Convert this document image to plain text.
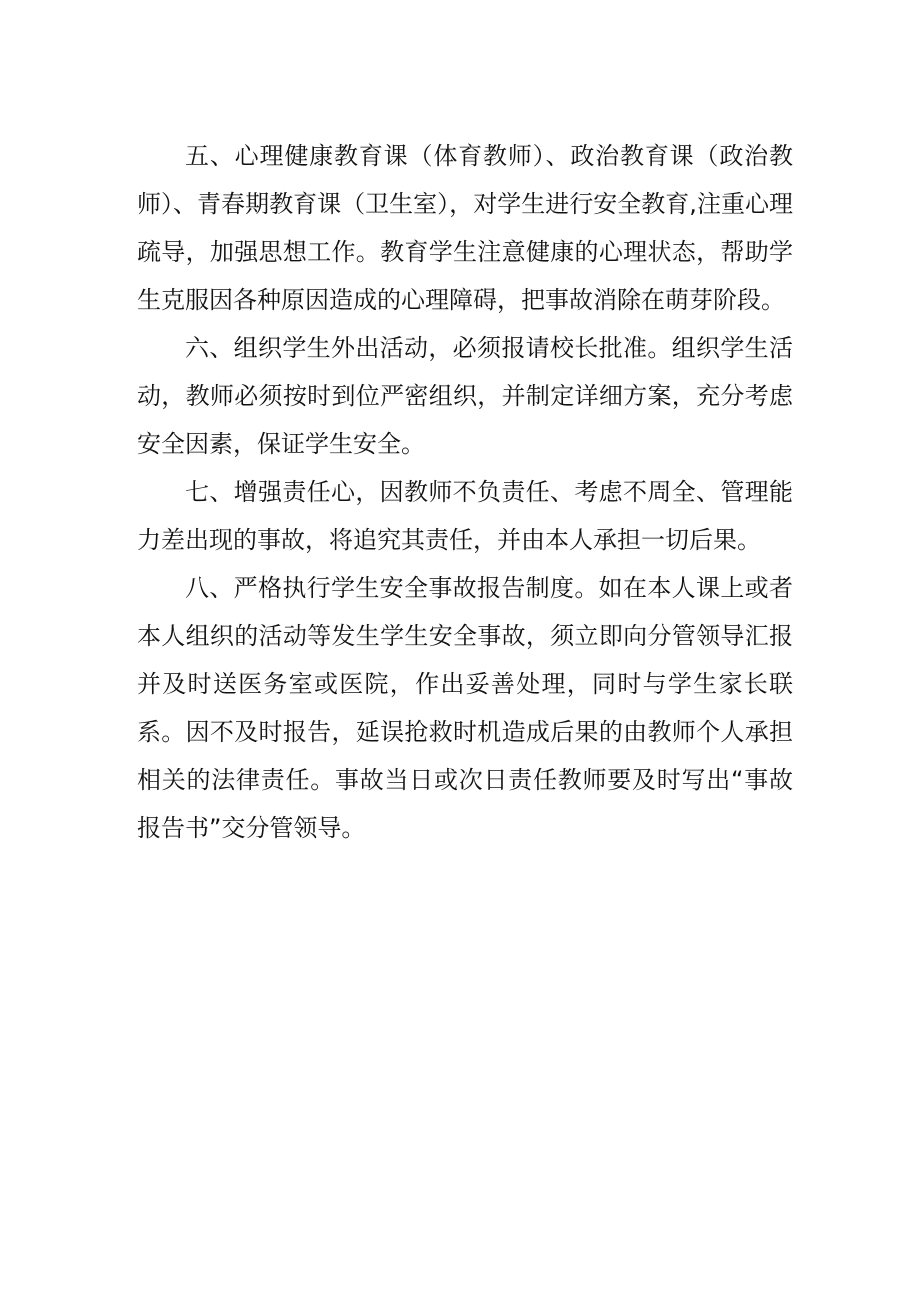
五、心理健康教育课（体育教师）、政治教育课（政治教师）、青春期教育课（卫生室），对学生进行安全教育,注重心理疏导，加强思想工作。教育学生注意健康的心理状态，帮助学生克服因各种原因造成的心理障碍，把事故消除在萌芽阶段。

六、组织学生外出活动，必须报请校长批准。组织学生活动，教师必须按时到位严密组织，并制定详细方案，充分考虑安全因素，保证学生安全。

七、增强责任心，因教师不负责任、考虑不周全、管理能力差出现的事故，将追究其责任，并由本人承担一切后果。

八、严格执行学生安全事故报告制度。如在本人课上或者本人组织的活动等发生学生安全事故，须立即向分管领导汇报并及时送医务室或医院，作出妥善处理，同时与学生家长联系。因不及时报告，延误抢救时机造成后果的由教师个人承担相关的法律责任。事故当日或次日责任教师要及时写出“事故报告书”交分管领导。
